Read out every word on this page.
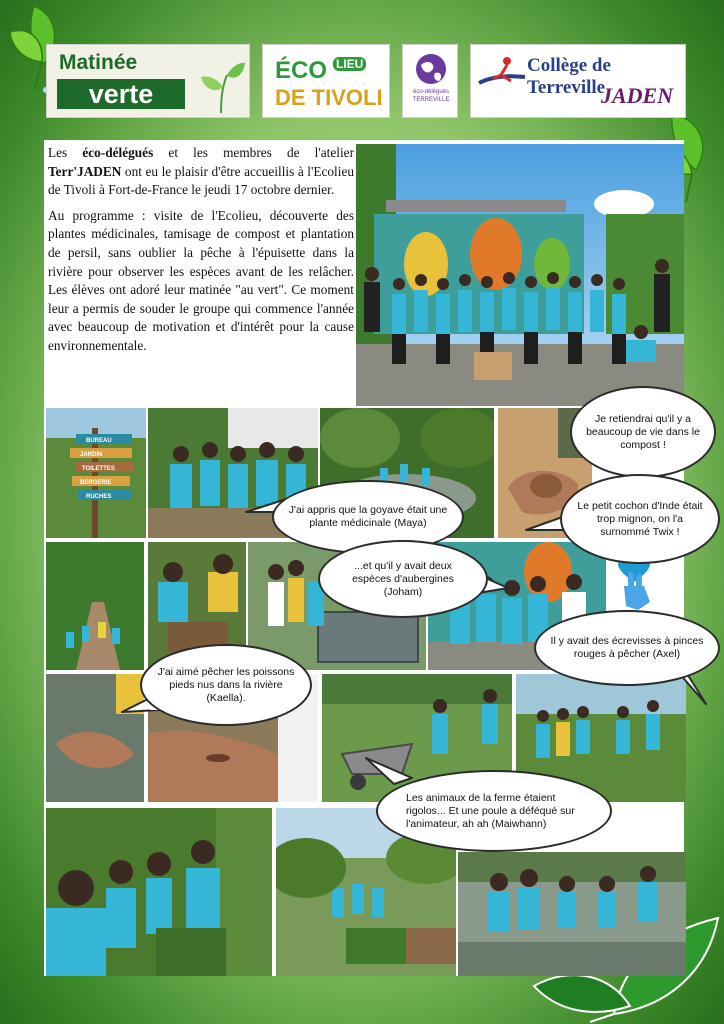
Matinée
verte
ÉCO LIEU
DE TIVOLI	éco-délégués
TERREVILLE
Collège de Terreville
JADEN

Les éco-délégués et les membres de l'atelier Terr'JADEN ont eu le plaisir d'être accueillis à l'Ecolieu de Tivoli à Fort-de-France le jeudi 17 octobre dernier.

Au programme : visite de l'Ecolieu, découverte des plantes médicinales, tamisage de compost et plantation de persil, sans oublier la pêche à l'épuisette dans la rivière pour observer les espèces avant de les relâcher. Les élèves ont adoré leur matinée "au vert". Ce moment leur a permis de souder le groupe qui commence l'année avec beaucoup de motivation et d'intérêt pour la cause environnementale.

BUREAU
JARDIN
TOILETTES
BERGERIE
RUCHES
Je retiendrai qu'il y a beaucoup de vie dans le compost !
J'ai appris que la goyave était une plante médicinale (Maya)
Le petit cochon d'Inde était trop mignon, on l'a surnommé Twix !
...et qu'il y avait deux espèces d'aubergines (Joham)
Il y avait des écrevisses à pinces rouges à pêcher (Axel)
J'ai aimé pêcher les poissons pieds nus dans la rivière (Kaella).
Les animaux de la ferme étaient rigolos... Et une poule a déféqué sur l'animateur, ah ah (Maiwhann)
